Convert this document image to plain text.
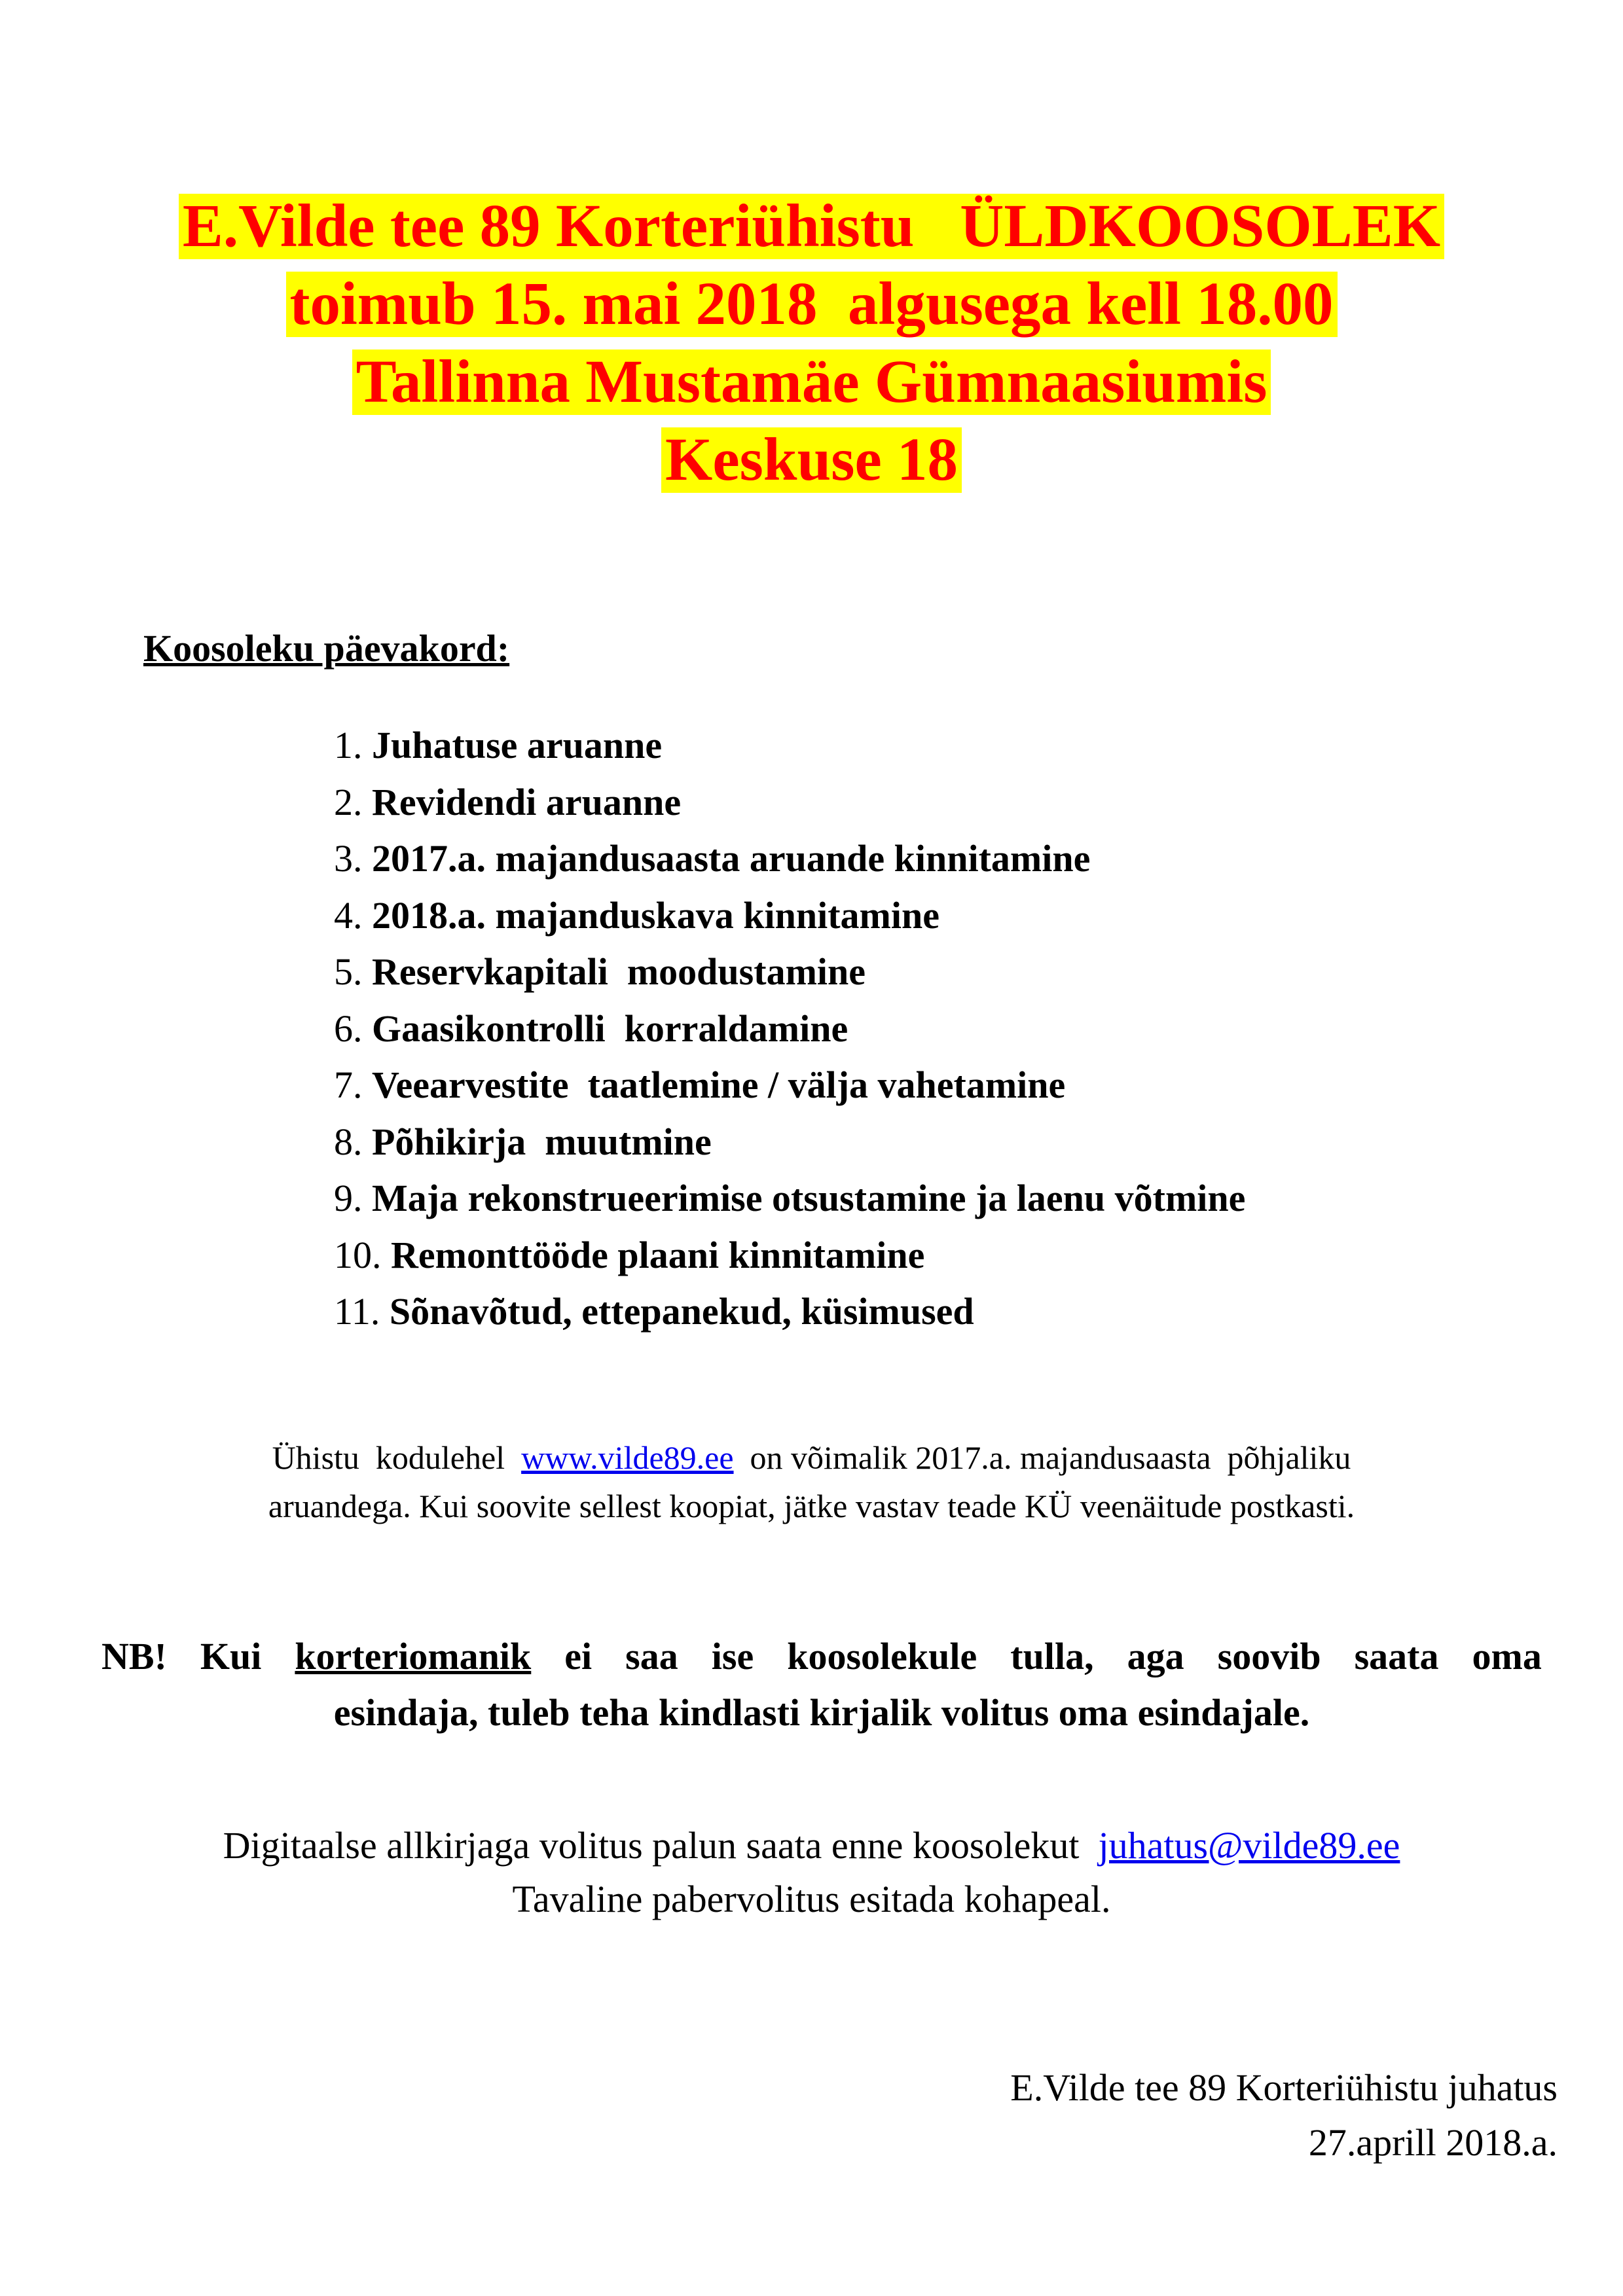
E.Vilde tee 89 Korteriühistu   ÜLDKOOSOLEK
toimub 15. mai 2018  algusega kell 18.00
Tallinna Mustamäe Gümnaasiumis
Keskuse 18
Koosoleku päevakord:
1. Juhatuse aruanne
2. Revidendi aruanne
3. 2017.a. majandusaasta aruande kinnitamine
4. 2018.a. majanduskava kinnitamine
5. Reservkapitali  moodustamine
6. Gaasikontrolli  korraldamine
7. Veearvestite  taatlemine / välja vahetamine
8. Põhikirja  muutmine
9. Maja rekonstrueerimise otsustamine ja laenu võtmine
10. Remonttööde plaani kinnitamine
11. Sõnavõtud, ettepanekud, küsimused
Ühistu  kodulehel  www.vilde89.ee  on võimalik 2017.a. majandusaasta  põhjaliku
aruandega. Kui soovite sellest koopiat, jätke vastav teade KÜ veenäitude postkasti.
NB! Kui korteriomanik ei saa ise koosolekule tulla, aga soovib saata oma
esindaja, tuleb teha kindlasti kirjalik volitus oma esindajale.
Digitaalse allkirjaga volitus palun saata enne koosolekut  juhatus@vilde89.ee
Tavaline pabervolitus esitada kohapeal.
E.Vilde tee 89 Korteriühistu juhatus
27.aprill 2018.a.
